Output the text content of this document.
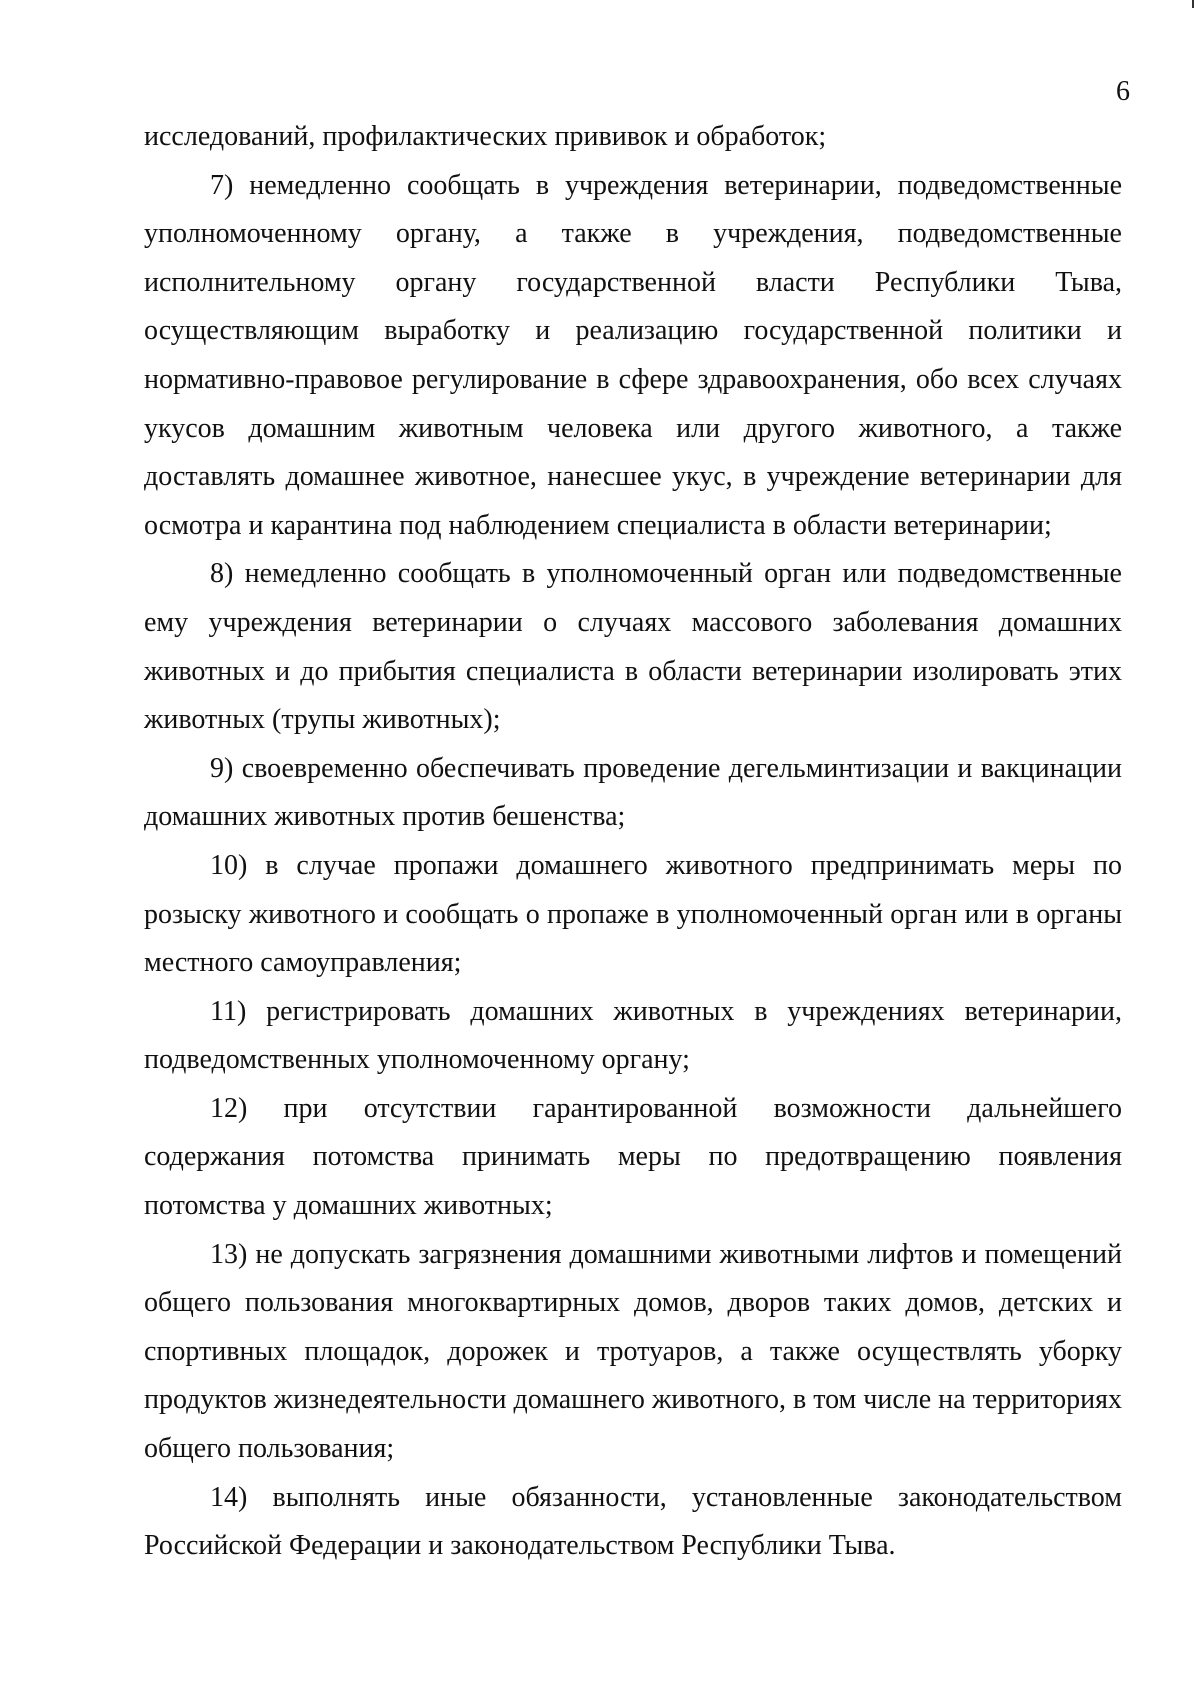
6

исследований, профилактических прививок и обработок;

7) немедленно сообщать в учреждения ветеринарии, подведомственные уполномоченному органу, а также в учреждения, подведомственные исполнительному органу государственной власти Республики Тыва, осуществляющим выработку и реализацию государственной политики и нормативно-правовое регулирование в сфере здравоохранения, обо всех случаях укусов домашним животным человека или другого животного, а также доставлять домашнее животное, нанесшее укус, в учреждение ветеринарии для осмотра и карантина под наблюдением специалиста в области ветеринарии;

8) немедленно сообщать в уполномоченный орган или подведомственные ему учреждения ветеринарии о случаях массового заболевания домашних животных и до прибытия специалиста в области ветеринарии изолировать этих животных (трупы животных);

9) своевременно обеспечивать проведение дегельминтизации и вакцинации домашних животных против бешенства;

10) в случае пропажи домашнего животного предпринимать меры по розыску животного и сообщать о пропаже в уполномоченный орган или в органы местного самоуправления;

11) регистрировать домашних животных в учреждениях ветеринарии, подведомственных уполномоченному органу;

12) при отсутствии гарантированной возможности дальнейшего содержания потомства принимать меры по предотвращению появления потомства у домашних животных;

13) не допускать загрязнения домашними животными лифтов и помещений общего пользования многоквартирных домов, дворов таких домов, детских и спортивных площадок, дорожек и тротуаров, а также осуществлять уборку продуктов жизнедеятельности домашнего животного, в том числе на территориях общего пользования;

14) выполнять иные обязанности, установленные законодательством Российской Федерации и законодательством Республики Тыва.
